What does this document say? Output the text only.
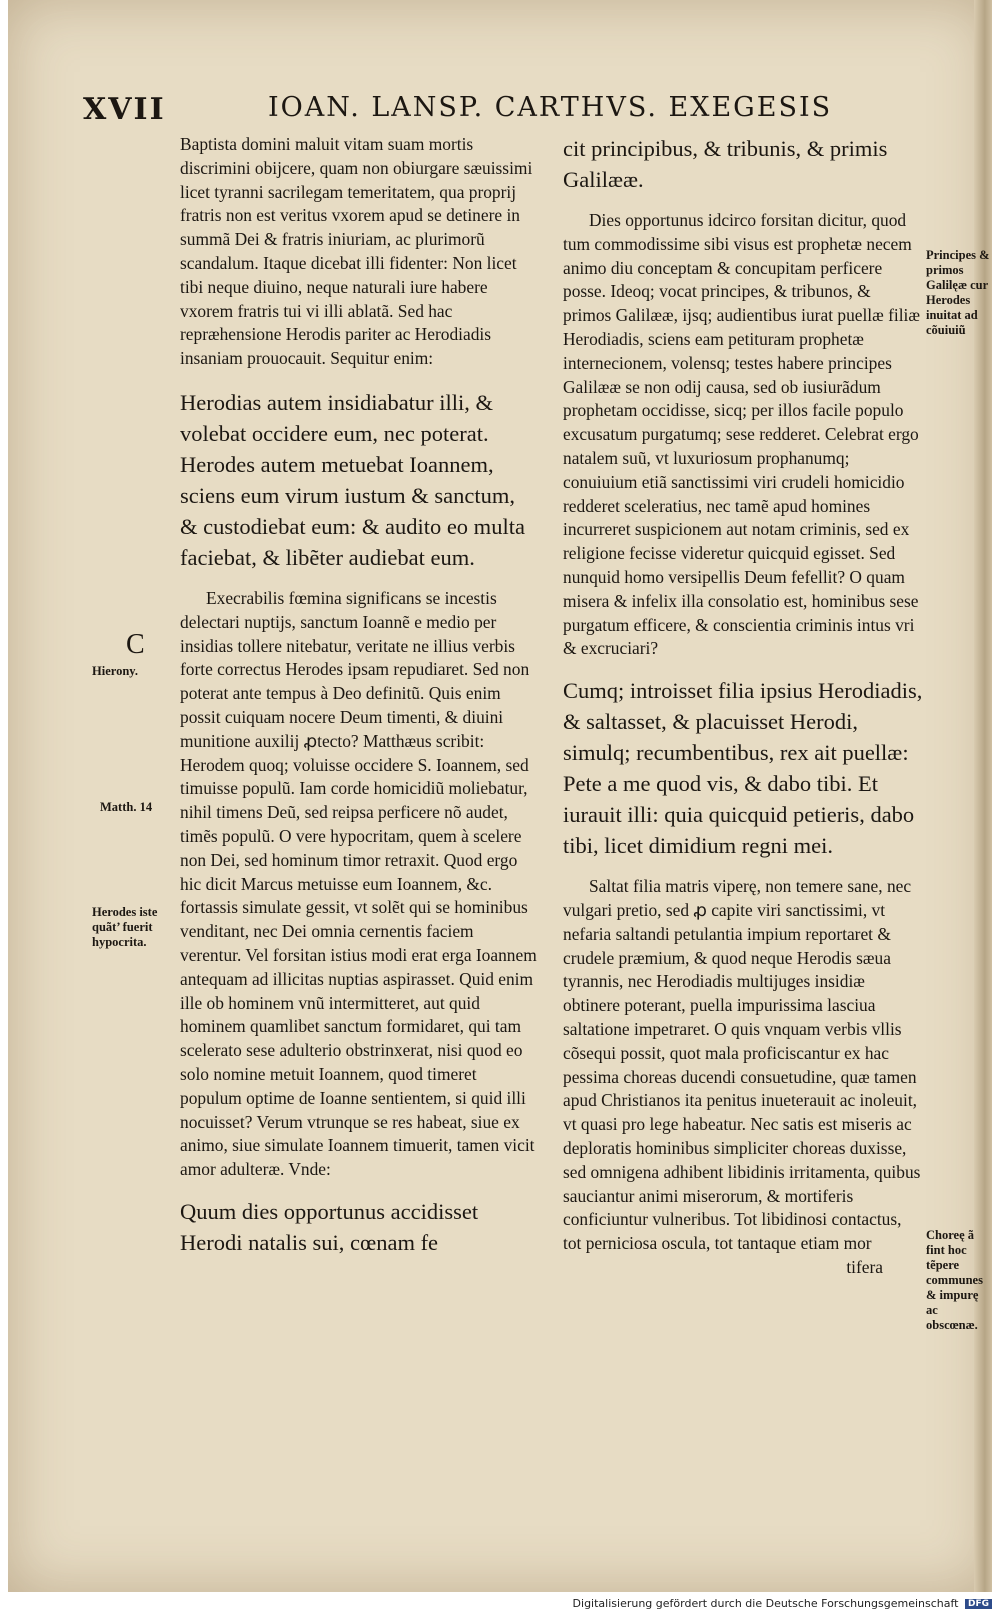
XVII	IOAN. LANSP. CARTHVS. EXEGESIS
C
Hierony.
Matth. 14
Herodes iste quãt’ fuerit hypocrita.

Baptista domini maluit vitam suam mortis discrimini obijcere, quam non obiurgare sæuissimi licet tyranni sacrilegam temeritatem, qua proprij fratris non est veritus vxorem apud se detinere in summã Dei & fratris iniuriam, ac plurimorũ scandalum. Itaque dicebat illi fidenter: Non licet tibi neque diuino, neque naturali iure habere vxorem fratris tui vi illi ablatã. Sed hac repræhensione Herodis pariter ac Herodiadis insaniam prouocauit. Sequitur enim:

Herodias autem insidiabatur illi, & volebat occidere eum, nec poterat. Herodes autem metuebat Ioannem, sciens eum virum iustum & sanctum, & custodiebat eum: & audito eo multa faciebat, & libẽter audiebat eum.

Execrabilis fœmina significans se incestis delectari nuptijs, sanctum Ioannẽ e medio per insidias tollere nitebatur, veritate ne illius verbis forte correctus Herodes ipsam repudiaret. Sed non poterat ante tempus à Deo definitũ. Quis enim possit cuiquam nocere Deum timenti, & diuini munitione auxilij ꝓtecto? Matthæus scribit: Herodem quoq; voluisse occidere S. Ioannem, sed timuisse populũ. Iam corde homicidiũ moliebatur, nihil timens Deũ, sed reipsa perficere nõ audet, timẽs populũ. O vere hypocritam, quem à scelere non Dei, sed hominum timor retraxit. Quod ergo hic dicit Marcus metuisse eum Ioannem, &c. fortassis simulate gessit, vt solẽt qui se hominibus venditant, nec Dei omnia cernentis faciem verentur. Vel forsitan istius modi erat erga Ioannem antequam ad illicitas nuptias aspirasset. Quid enim ille ob hominem vnũ intermitteret, aut quid hominem quamlibet sanctum formidaret, qui tam scelerato sese adulterio obstrinxerat, nisi quod eo solo nomine metuit Ioannem, quod timeret populum optime de Ioanne sentientem, si quid illi nocuisset? Verum vtrunque se res habeat, siue ex animo, siue simulate Ioannem timuerit, tamen vicit amor adulteræ. Vnde:

Quum dies opportunus accidisset Herodi natalis sui, cœnam fe

cit principibus, & tribunis, & primis Galilææ.

Dies opportunus idcirco forsitan dicitur, quod tum commodissime sibi visus est prophetæ necem animo diu conceptam & concupitam perficere posse. Ideoq; vocat principes, & tribunos, & primos Galilææ, ijsq; audientibus iurat puellæ filiæ Herodiadis, sciens eam petituram prophetæ internecionem, volensq; testes habere principes Galilææ se non odij causa, sed ob iusiurãdum prophetam occidisse, sicq; per illos facile populo excusatum purgatumq; sese redderet. Celebrat ergo natalem suũ, vt luxuriosum prophanumq; conuiuium etiã sanctissimi viri crudeli homicidio redderet sceleratius, nec tamẽ apud homines incurreret suspicionem aut notam criminis, sed ex religione fecisse videretur quicquid egisset. Sed nunquid homo versipellis Deum fefellit? O quam misera & infelix illa consolatio est, hominibus sese purgatum efficere, & conscientia criminis intus vri & excruciari?

Cumq; introisset filia ipsius Herodiadis, & saltasset, & placuisset Herodi, simulq; recumbentibus, rex ait puellæ: Pete a me quod vis, & dabo tibi. Et iurauit illi: quia quicquid petieris, dabo tibi, licet dimidium regni mei.

Saltat filia matris viperę, non temere sane, nec vulgari pretio, sed ꝓ capite viri sanctissimi, vt nefaria saltandi petulantia impium reportaret & crudele præmium, & quod neque Herodis sæua tyrannis, nec Herodiadis multijuges insidiæ obtinere poterant, puella impurissima lasciua saltatione impetraret. O quis vnquam verbis vllis cõsequi possit, quot mala proficiscantur ex hac pessima choreas ducendi consuetudine, quæ tamen apud Christianos ita penitus inueterauit ac inoleuit, vt quasi pro lege habeatur. Nec satis est miseris ac deploratis hominibus simpliciter choreas duxisse, sed omnigena adhibent libidinis irritamenta, quibus sauciantur animi miserorum, & mortiferis conficiuntur vulneribus. Tot libidinosi contactus, tot perniciosa oscula, tot tantaque etiam mor

tifera

Principes & primos Galilęæ cur Herodes inuitat ad cõuiuiũ
Choreę ã fint hoc tẽpere communes & impurę ac obscœnæ.
Digitalisierung gefördert durch die Deutsche Forschungsgemeinschaft DFG
